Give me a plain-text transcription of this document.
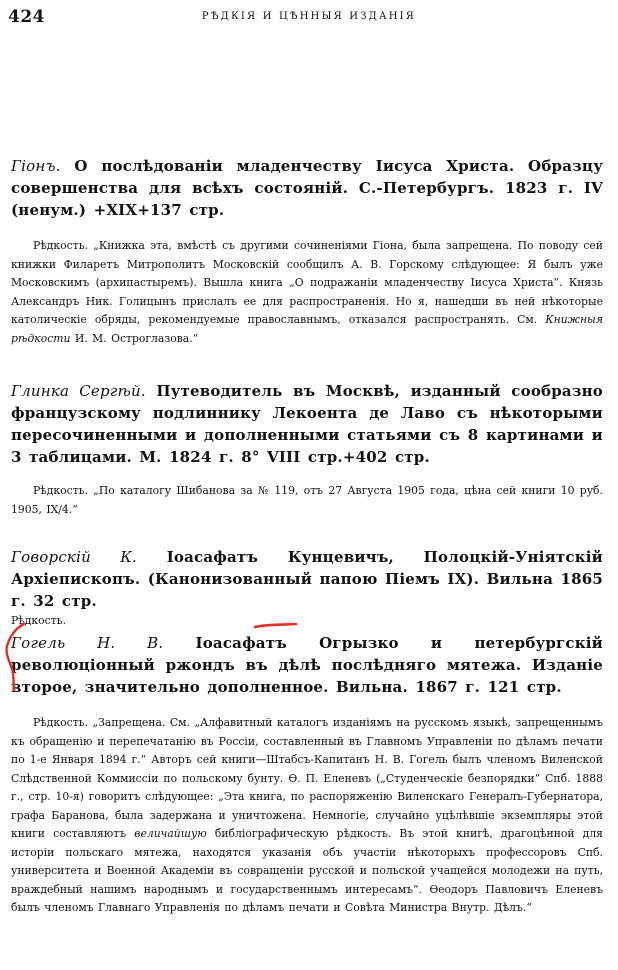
424	РѢДКІЯ И ЦѢННЫЯ ИЗДАНІЯ
Гіонъ. О послѣдованіи младенчеству Іисуса Христа. Образцу совершенства для всѣхъ состояній. С.-Петербургъ. 1823 г. IV (ненум.) +XIX+137 стр.

Рѣдкость. „Книжка эта, вмѣстѣ съ другими сочиненіями Гіона, была запрещена. По поводу сей книжки Филаретъ Митрополитъ Московскій сообщилъ А. В. Горскому слѣдующее: Я былъ уже Московскимъ (архипастыремъ). Вышла книга „О подражаніи младенчеству Іисуса Христа“. Князь Александръ Ник. Голицынъ прислалъ ее для распространенія. Но я, нашедши въ ней нѣкоторые католическіе обряды, рекомендуемые православнымъ, отказался распространять. См. Книжныя рѣдкости И. М. Остроглазова.“

Глинка Сергѣй. Путеводитель въ Москвѣ, изданный сообразно французскому подлиннику Лекоента де Лаво съ нѣкоторыми пересочиненными и дополненными статьями съ 8 картинами и 3 таблицами. М. 1824 г. 8° VIII стр.+402 стр.

Рѣдкость. „По каталогу Шибанова за № 119, отъ 27 Августа 1905 года, цѣна сей книги 10 руб. 1905, IX/4.“

Говорскій К. Іоасафатъ Кунцевичъ, Полоцкій-Уніятскій Архіепископъ. (Канонизованный папою Піемъ IX). Вильна 1865 г. 32 стр.

Рѣдкость.

Гогель Н. В. Іоасафатъ Огрызко и петербургскій революціонный ржондъ въ дѣлѣ послѣдняго мятежа. Изданіе второе, значительно дополненное. Вильна. 1867 г. 121 стр.

Рѣдкость. „Запрещена. См. „Алфавитный каталогъ изданіямъ на русскомъ языкѣ, запрещеннымъ къ обращенію и перепечатанію въ Россіи, составленный въ Главномъ Управленіи по дѣламъ печати по 1-е Января 1894 г.“ Авторъ сей книги—Штабсъ-Капитанъ Н. В. Гогель былъ членомъ Виленской Слѣдственной Коммиссіи по польскому бунту. Ѳ. П. Еленевъ („Студенческіе безпорядки“ Спб. 1888 г., стр. 10-я) говоритъ слѣдующее: „Эта книга, по распоряженію Виленскаго Генералъ-Губернатора, графа Баранова, была задержана и уничтожена. Немногіе, случайно уцѣлѣвшіе экземпляры этой книги составляютъ величайшую библіографическую рѣдкость. Въ этой книгѣ, драгоцѣнной для исторіи польскаго мятежа, находятся указанія объ участіи нѣкоторыхъ профессоровъ Спб. университета и Военной Академіи въ совращеніи русской и польской учащейся молодежи на путь, враждебный нашимъ народнымъ и государственнымъ интересамъ“. Ѳеодоръ Павловичъ Еленевъ былъ членомъ Главнаго Управленія по дѣламъ печати и Совѣта Министра Внутр. Дѣлъ.“
